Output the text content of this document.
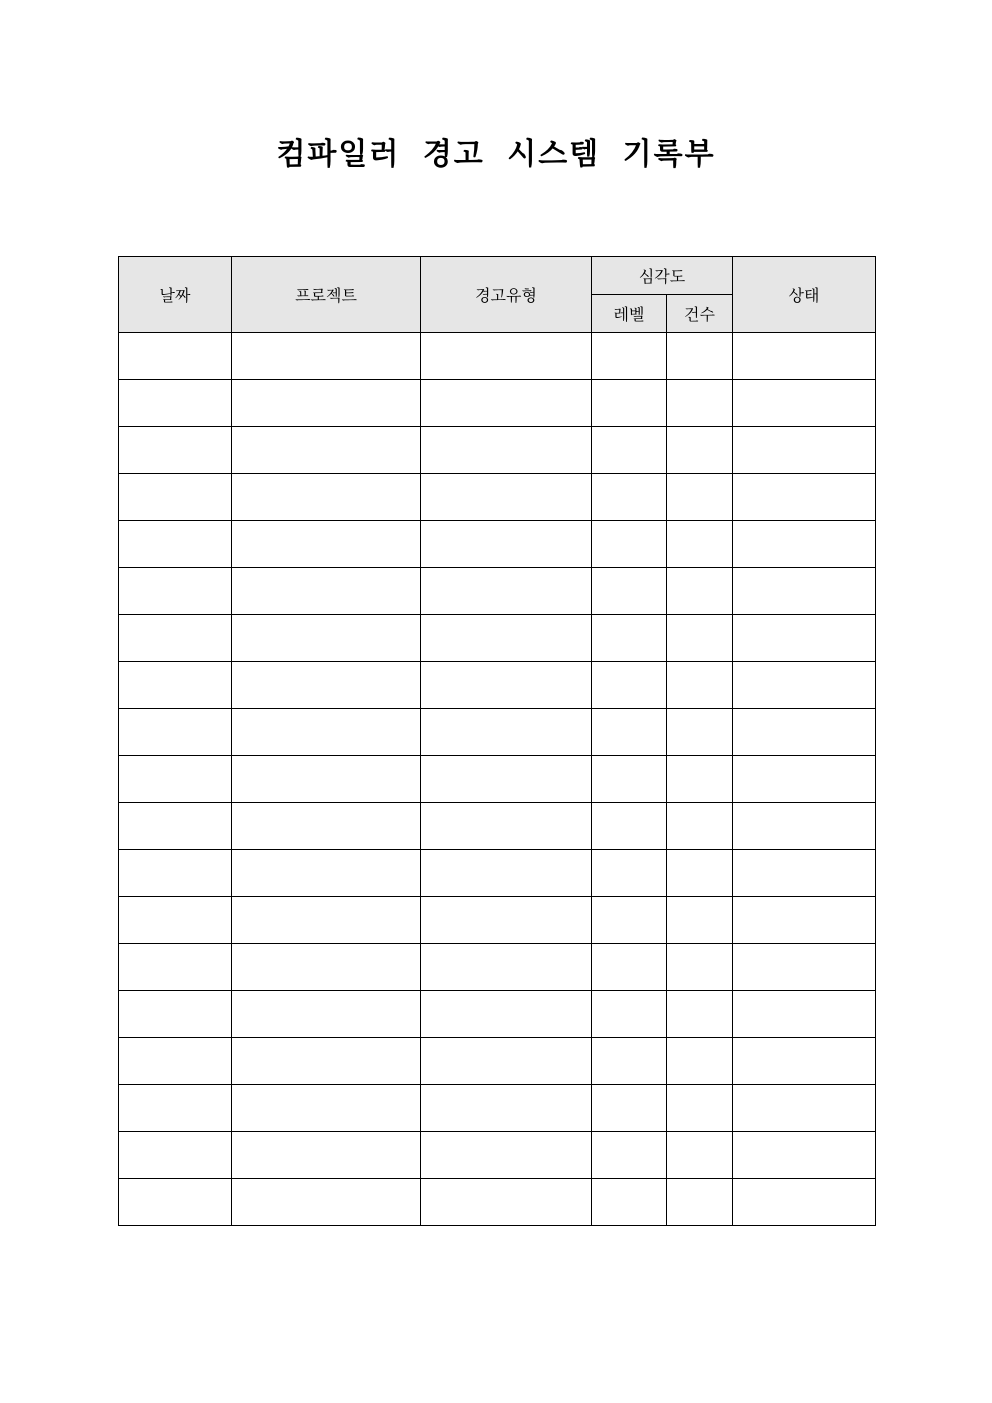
컴파일러 경고 시스템 기록부
날짜	프로젝트	경고유형	심각도		상태
			레벨	건수	
